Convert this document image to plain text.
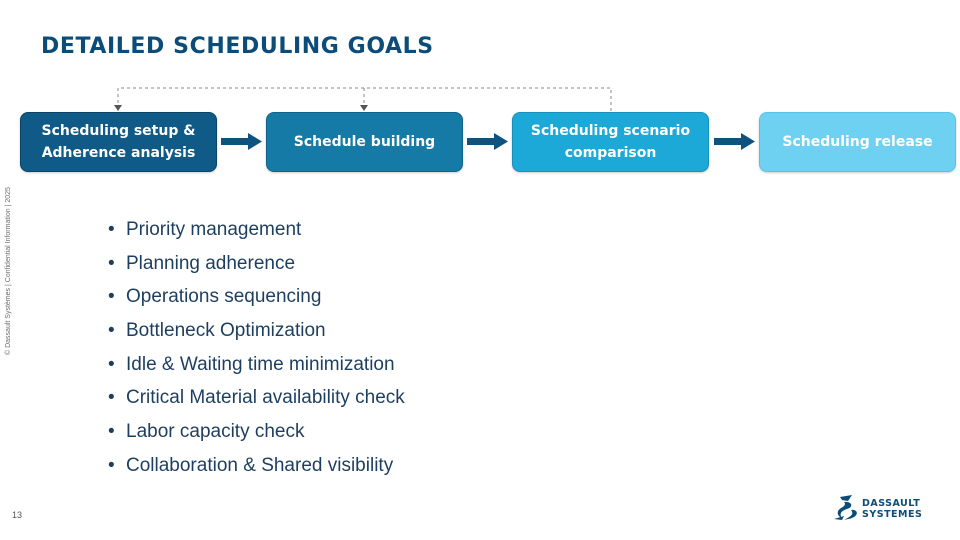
DETAILED SCHEDULING GOALS
© Dassault Systèmes | Confidential Information | 2025
Scheduling setup &
Adherence analysis
Schedule building
Scheduling scenario
comparison
Scheduling release
• Priority management
• Planning adherence
• Operations sequencing
• Bottleneck Optimization
• Idle & Waiting time minimization
• Critical Material availability check
• Labor capacity check
• Collaboration & Shared visibility
13
DASSAULT
SYSTEMES
